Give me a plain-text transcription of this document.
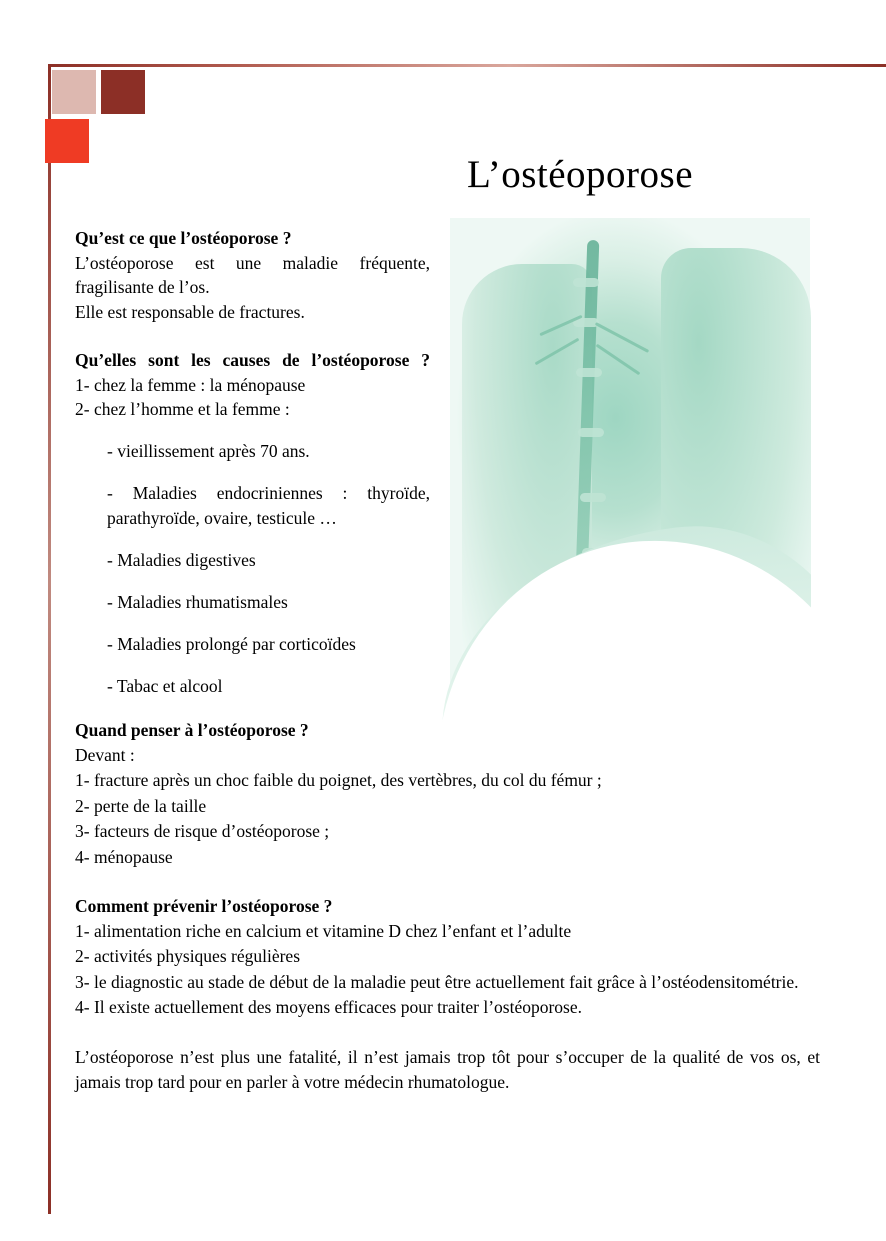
L’ostéoporose
Qu’est ce que l’ostéoporose ?

L’ostéoporose est une maladie fréquente, fragilisante de l’os.

Elle est responsable de fractures.

Qu’elles sont les causes de l’ostéoporose ?

1- chez la femme : la ménopause

2- chez l’homme et la femme :

- vieillissement après 70 ans.

- Maladies endocriniennes : thyroïde, parathyroïde, ovaire, testicule …

- Maladies digestives

- Maladies rhumatismales

- Maladies prolongé par corticoïdes

- Tabac et alcool

Quand penser à l’ostéoporose ?

Devant :

1- fracture après un choc faible du poignet, des vertèbres, du col du fémur ;

2- perte de la taille

3- facteurs de risque d’ostéoporose ;

4- ménopause

Comment prévenir l’ostéoporose ?

1- alimentation riche en calcium et vitamine D chez l’enfant et l’adulte

2- activités physiques régulières

3- le diagnostic au stade de début de la maladie peut être actuellement fait grâce à l’ostéodensitométrie.

4- Il existe actuellement des moyens efficaces pour traiter l’ostéoporose.

L’ostéoporose n’est plus une fatalité, il n’est jamais trop tôt pour s’occuper de la qualité de vos os, et jamais trop tard pour en parler à votre médecin rhumatologue.
